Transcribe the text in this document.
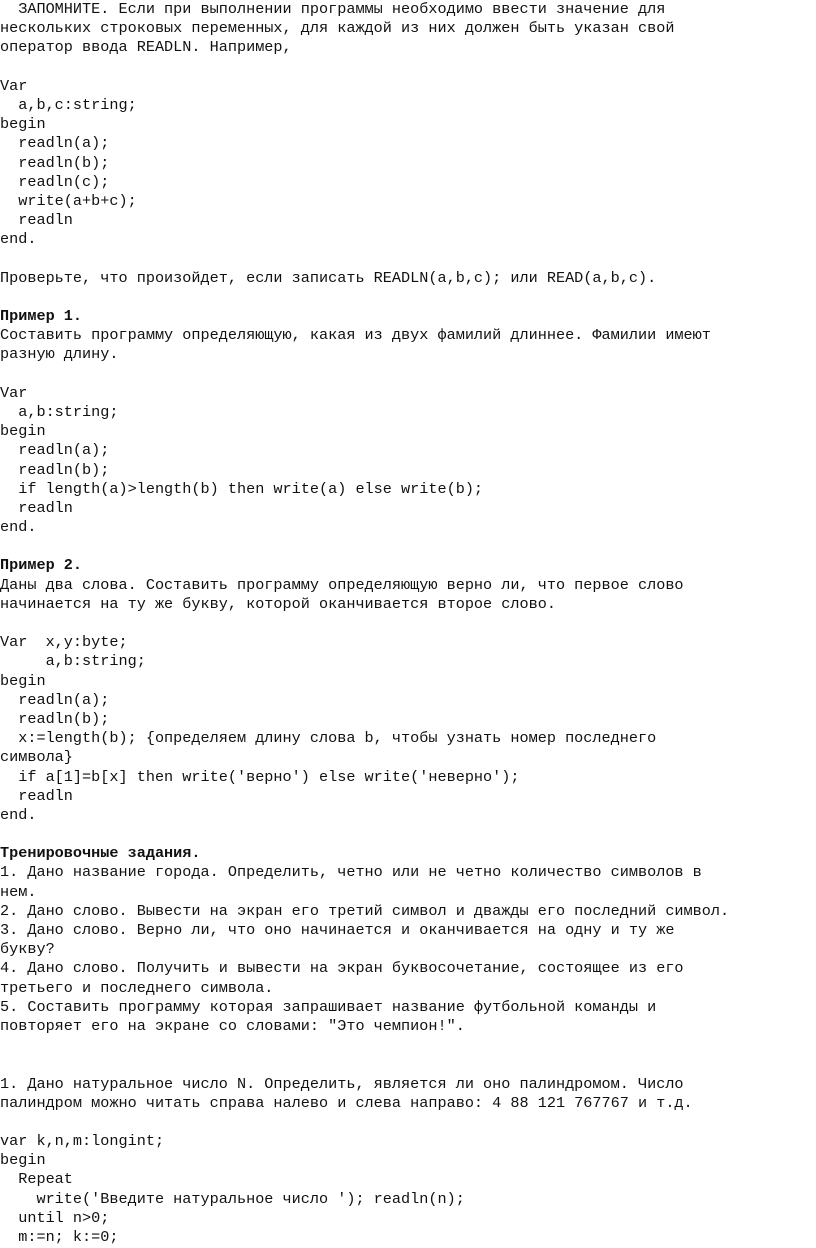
ЗАПОМНИТЕ. Если при выполнении программы необходимо ввести значение для
нескольких строковых переменных, для каждой из них должен быть указан свой
оператор ввода READLN. Например,
Var
a,b,c:string;
begin
readln(a);
readln(b);
readln(c);
write(a+b+c);
readln
end.
Проверьте, что произойдет, если записать READLN(a,b,c); или READ(a,b,c).
Пример 1.
Составить программу определяющую, какая из двух фамилий длиннее. Фамилии имеют
разную длину.
Var
a,b:string;
begin
readln(a);
readln(b);
if length(a)>length(b) then write(a) else write(b);
readln
end.
Пример 2.
Даны два слова. Составить программу определяющую верно ли, что первое слово
начинается на ту же букву, которой оканчивается второе слово.
Var  x,y:byte;
a,b:string;
begin
readln(a);
readln(b);
x:=length(b); {определяем длину слова b, чтобы узнать номер последнего
символа}
if a[1]=b[x] then write('верно') else write('неверно');
readln
end.
Тренировочные задания.
1. Дано название города. Определить, четно или не четно количество символов в
нем.
2. Дано слово. Вывести на экран его третий символ и дважды его последний символ.
3. Дано слово. Верно ли, что оно начинается и оканчивается на одну и ту же
букву?
4. Дано слово. Получить и вывести на экран буквосочетание, состоящее из его
третьего и последнего символа.
5. Составить программу которая запрашивает название футбольной команды и
повторяет его на экране со словами: "Это чемпион!".
1. Дано натуральное число N. Определить, является ли оно палиндромом. Число
палиндром можно читать справа налево и слева направо: 4 88 121 767767 и т.д.
var k,n,m:longint;
begin
Repeat
write('Введите натуральное число '); readln(n);
until n>0;
m:=n; k:=0;
